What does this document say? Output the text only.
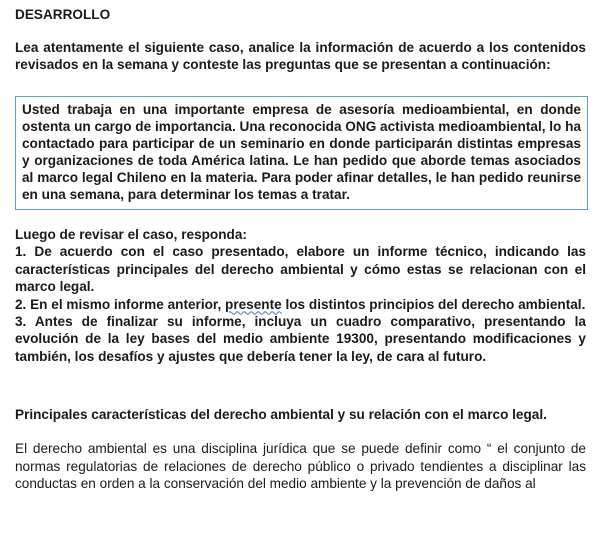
DESARROLLO

Lea atentamente el siguiente caso, analice la información de acuerdo a los contenidos revisados en la semana y conteste las preguntas que se presentan a continuación:

Usted trabaja en una importante empresa de asesoría medioambiental, en donde ostenta un cargo de importancia. Una reconocida ONG activista medioambiental, lo ha contactado para participar de un seminario en donde participarán distintas empresas y organizaciones de toda América latina. Le han pedido que aborde temas asociados al marco legal Chileno en la materia. Para poder afinar detalles, le han pedido reunirse en una semana, para determinar los temas a tratar.

Luego de revisar el caso, responda:

1. De acuerdo con el caso presentado, elabore un informe técnico, indicando las características principales del derecho ambiental y cómo estas se relacionan con el marco legal.

2. En el mismo informe anterior, presente los distintos principios del derecho ambiental.

3. Antes de finalizar su informe, incluya un cuadro comparativo, presentando la evolución de la ley bases del medio ambiente 19300, presentando modificaciones y también, los desafíos y ajustes que debería tener la ley, de cara al futuro.

Principales características del derecho ambiental y su relación con el marco legal.

El derecho ambiental es una disciplina jurídica que se puede definir como “ el conjunto de normas regulatorias de relaciones de derecho público o privado tendientes a disciplinar las conductas en orden a la conservación del medio ambiente y la prevención de daños al
